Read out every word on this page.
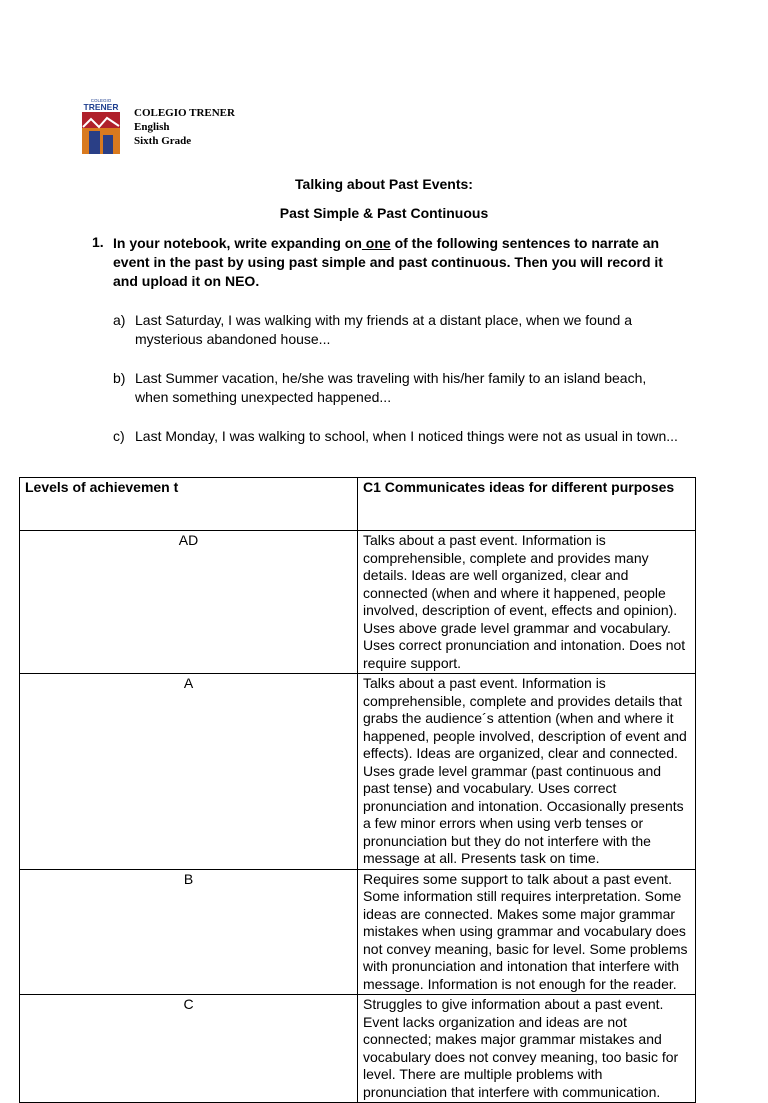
COLEGIO
TRENER COLEGIO TRENER
English
Sixth Grade
Talking about Past Events:
Past Simple & Past Continuous
1. In your notebook, write expanding on one of the following sentences to narrate an event in the past by using past simple and past continuous. Then you will record it and upload it on NEO.
a) Last Saturday, I was walking with my friends at a distant place, when we found a mysterious abandoned house...
b) Last Summer vacation, he/she was traveling with his/her family to an island beach, when something unexpected happened...
c) Last Monday, I was walking to school, when I noticed things were not as usual in town...
Levels of achievemen t	C1 Communicates ideas for different purposes
AD	Talks about a past event. Information is comprehensible, complete and provides many details. Ideas are well organized, clear and connected (when and where it happened, people involved, description of event, effects and opinion). Uses above grade level grammar and vocabulary. Uses correct pronunciation and intonation. Does not require support.
A	Talks about a past event. Information is comprehensible, complete and provides details that grabs the audience´s attention (when and where it happened, people involved, description of event and effects). Ideas are organized, clear and connected. Uses grade level grammar (past continuous and past tense) and vocabulary. Uses correct pronunciation and intonation. Occasionally presents a few minor errors when using verb tenses or pronunciation but they do not interfere with the message at all. Presents task on time.
B	Requires some support to talk about a past event. Some information still requires interpretation. Some ideas are connected. Makes some major grammar mistakes when using grammar and vocabulary does not convey meaning, basic for level. Some problems with pronunciation and intonation that interfere with message. Information is not enough for the reader.
C	Struggles to give information about a past event. Event lacks organization and ideas are not connected; makes major grammar mistakes and vocabulary does not convey meaning, too basic for level. There are multiple problems with pronunciation that interfere with communication.
